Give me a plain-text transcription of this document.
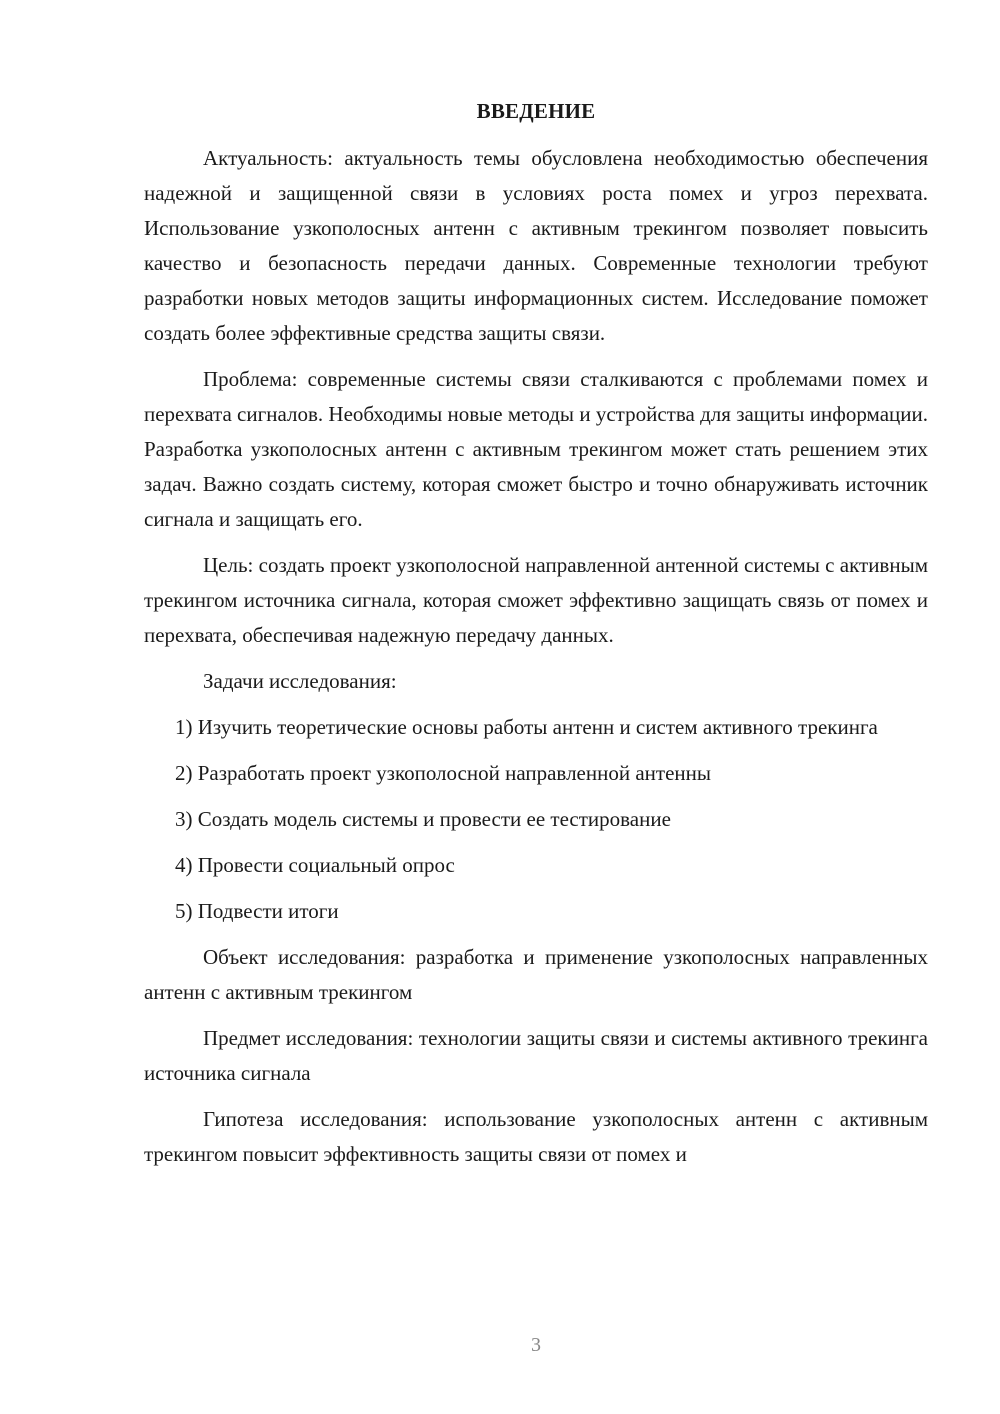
ВВЕДЕНИЕ

Актуальность: актуальность темы обусловлена необходимостью обеспечения надежной и защищенной связи в условиях роста помех и угроз перехвата. Использование узкополосных антенн с активным трекингом позволяет повысить качество и безопасность передачи данных. Современные технологии требуют разработки новых методов защиты информационных систем. Исследование поможет создать более эффективные средства защиты связи.

Проблема: современные системы связи сталкиваются с проблемами помех и перехвата сигналов. Необходимы новые методы и устройства для защиты информации. Разработка узкополосных антенн с активным трекингом может стать решением этих задач. Важно создать систему, которая сможет быстро и точно обнаруживать источник сигнала и защищать его.

Цель: создать проект узкополосной направленной антенной системы с активным трекингом источника сигнала, которая сможет эффективно защищать связь от помех и перехвата, обеспечивая надежную передачу данных.

Задачи исследования:

1) Изучить теоретические основы работы антенн и систем активного трекинга

2) Разработать проект узкополосной направленной антенны

3) Создать модель системы и провести ее тестирование

4) Провести социальный опрос

5) Подвести итоги

Объект исследования: разработка и применение узкополосных направленных антенн с активным трекингом

Предмет исследования: технологии защиты связи и системы активного трекинга источника сигнала

Гипотеза исследования: использование узкополосных антенн с активным трекингом повысит эффективность защиты связи от помех и

3
